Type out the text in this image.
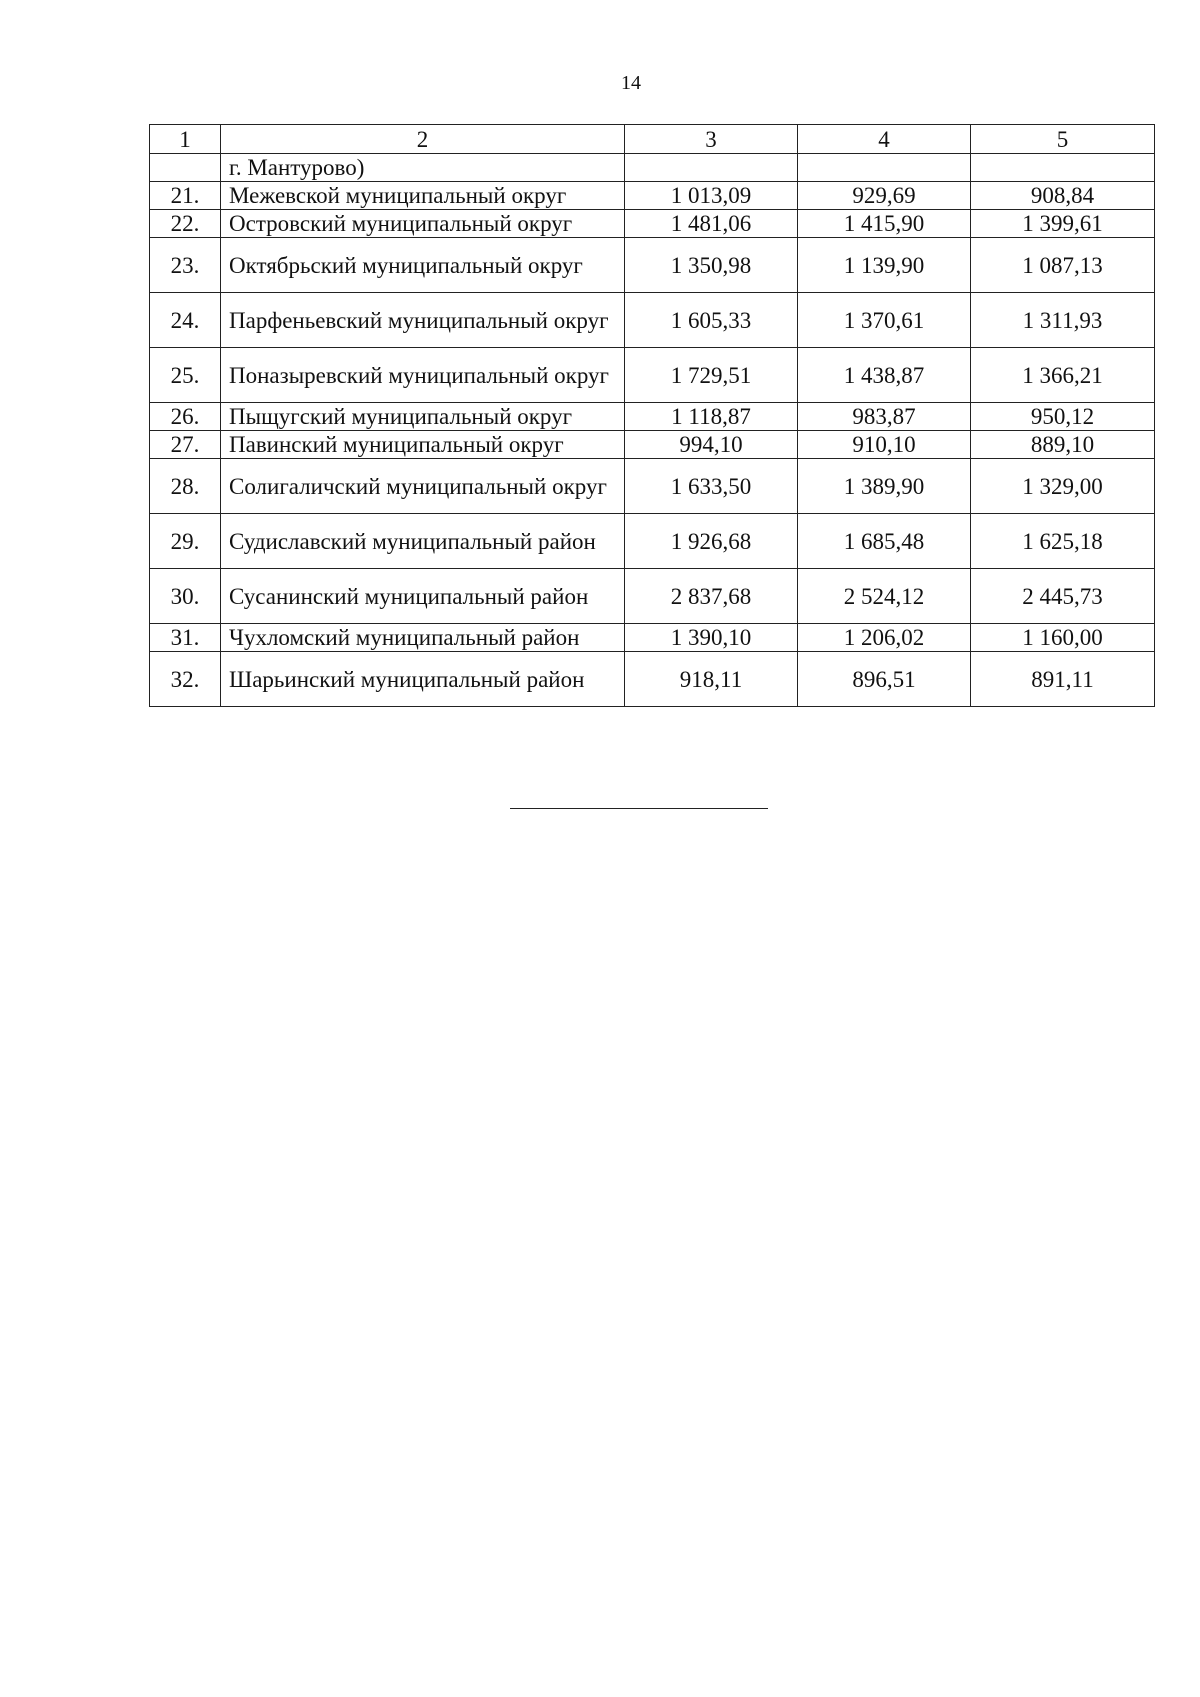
14
1	2	3	4	5
	г. Мантурово)			
21.	Межевской муниципальный округ	1 013,09	929,69	908,84
22.	Островский муниципальный округ	1 481,06	1 415,90	1 399,61
23.	Октябрьский муниципальный округ	1 350,98	1 139,90	1 087,13
24.	Парфеньевский муниципальный округ	1 605,33	1 370,61	1 311,93
25.	Поназыревский муниципальный округ	1 729,51	1 438,87	1 366,21
26.	Пыщугский муниципальный округ	1 118,87	983,87	950,12
27.	Павинский муниципальный округ	994,10	910,10	889,10
28.	Солигаличский муниципальный округ	1 633,50	1 389,90	1 329,00
29.	Судиславский муниципальный район	1 926,68	1 685,48	1 625,18
30.	Сусанинский муниципальный район	2 837,68	2 524,12	2 445,73
31.	Чухломский муниципальный район	1 390,10	1 206,02	1 160,00
32.	Шарьинский муниципальный район	918,11	896,51	891,11
